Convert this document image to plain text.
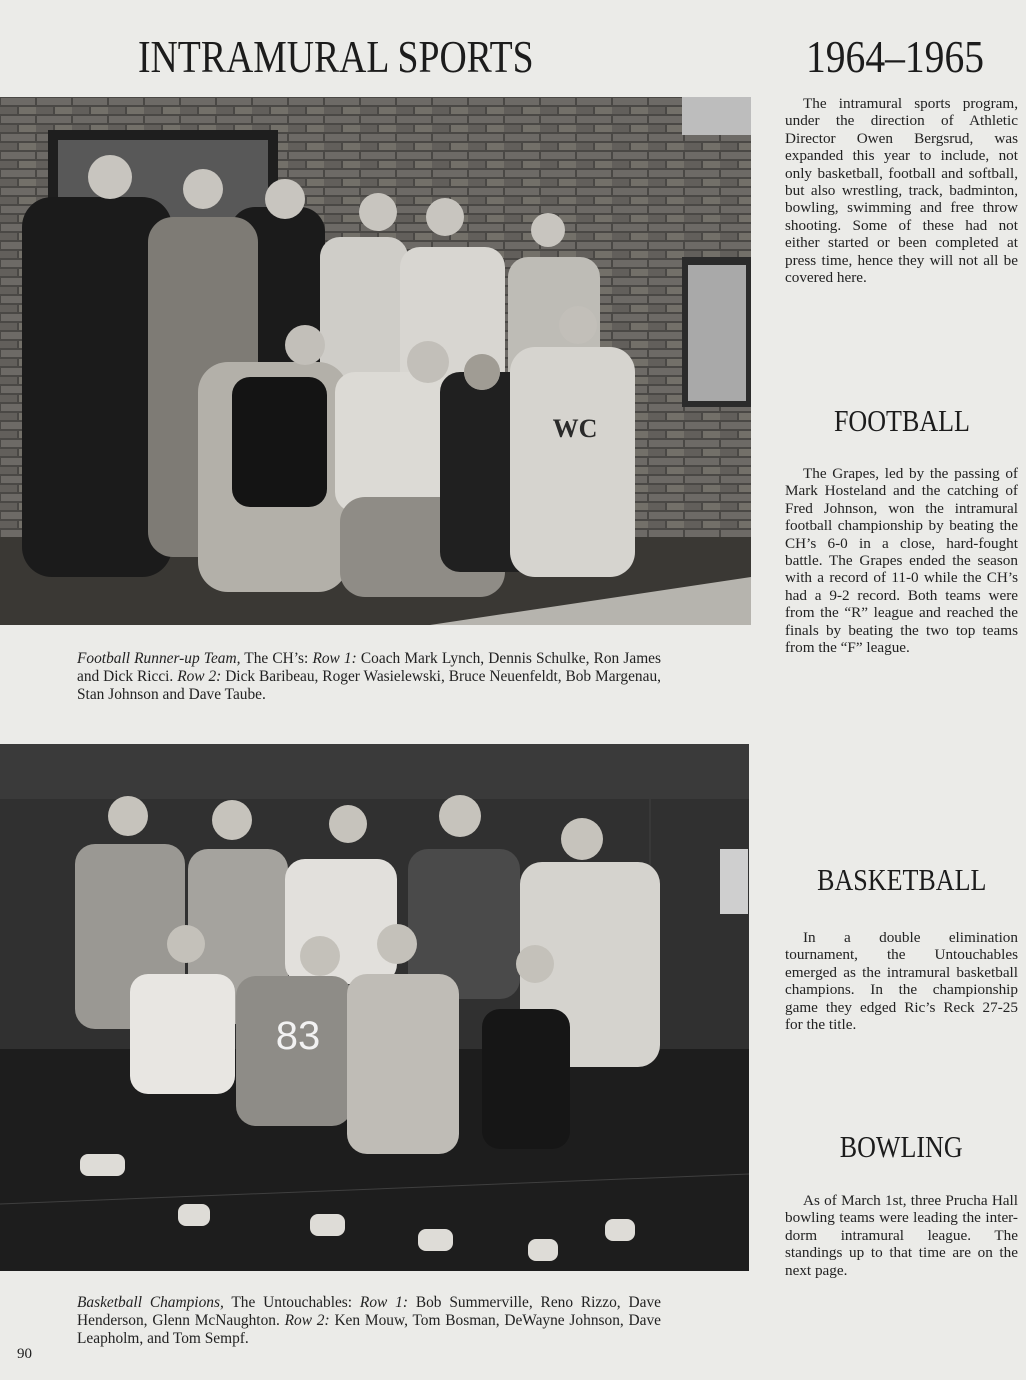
INTRAMURAL SPORTS	1964–1965
WC
Football Runner-up Team, The CH’s: Row 1: Coach Mark Lynch, Dennis Schulke, Ron James and Dick Ricci. Row 2: Dick Baribeau, Roger Wasielewski, Bruce Neuenfeldt, Bob Margenau, Stan Johnson and Dave Taube.
83
Basketball Champions, The Untouchables: Row 1: Bob Summerville, Reno Rizzo, Dave Henderson, Glenn McNaughton. Row 2: Ken Mouw, Tom Bosman, DeWayne Johnson, Dave Leapholm, and Tom Sempf.

The intramural sports program, under the direction of Athletic Director Owen Bergsrud, was expanded this year to include, not only basketball, football and softball, but also wrestling, track, badminton, bowling, swimming and free throw shooting. Some of these had not either started or been completed at press time, hence they will not all be covered here.

FOOTBALL

The Grapes, led by the passing of Mark Hosteland and the catching of Fred Johnson, won the intramural football championship by beating the CH’s 6-0 in a close, hard-fought battle. The Grapes ended the season with a record of 11-0 while the CH’s had a 9-2 record. Both teams were from the “R” league and reached the finals by beating the two top teams from the “F” league.

BASKETBALL

In a double elimination tournament, the Untouchables emerged as the intramural basketball champions. In the championship game they edged Ric’s Reck 27-25 for the title.

BOWLING

As of March 1st, three Prucha Hall bowling teams were leading the inter-dorm intramural league. The standings up to that time are on the next page.

90
